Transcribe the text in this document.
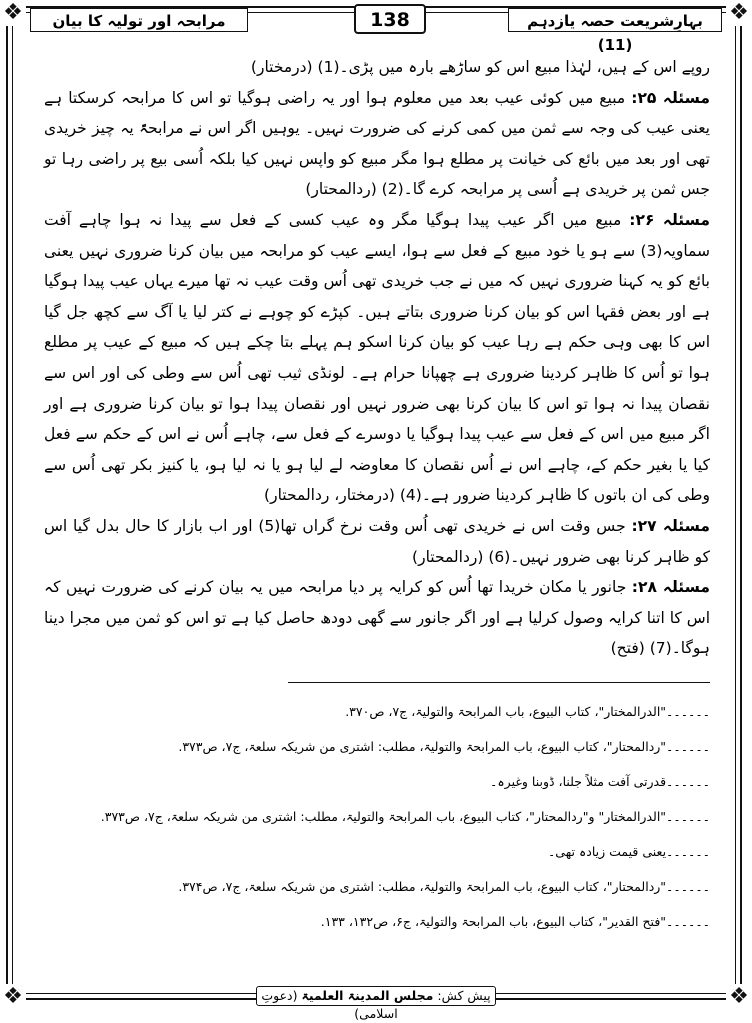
❖	❖
❖	❖
مرابحہ اور تولیہ کا بیان	138	بہارِشریعت حصہ یازدہم (11)

روپے اس کے ہیں، لہٰذا مبیع اس کو ساڑھے بارہ میں پڑی۔(1) (درمختار)

مسئلہ ۲۵: مبیع میں کوئی عیب بعد میں معلوم ہوا اور یہ راضی ہوگیا تو اس کا مرابحہ کرسکتا ہے یعنی عیب کی وجہ سے ثمن میں کمی کرنے کی ضرورت نہیں۔ یوہیں اگر اس نے مرابحۃً یہ چیز خریدی تھی اور بعد میں بائع کی خیانت پر مطلع ہوا مگر مبیع کو واپس نہیں کیا بلکہ اُسی بیع پر راضی رہا تو جس ثمن پر خریدی ہے اُسی پر مرابحہ کرے گا۔(2) (ردالمحتار)

مسئلہ ۲۶: مبیع میں اگر عیب پیدا ہوگیا مگر وہ عیب کسی کے فعل سے پیدا نہ ہوا چاہے آفت سماویہ(3) سے ہو یا خود مبیع کے فعل سے ہوا، ایسے عیب کو مرابحہ میں بیان کرنا ضروری نہیں یعنی بائع کو یہ کہنا ضروری نہیں کہ میں نے جب خریدی تھی اُس وقت عیب نہ تھا میرے یہاں عیب پیدا ہوگیا ہے اور بعض فقہا اس کو بیان کرنا ضروری بتاتے ہیں۔ کپڑے کو چوہے نے کتر لیا یا آگ سے کچھ جل گیا اس کا بھی وہی حکم ہے رہا عیب کو بیان کرنا اسکو ہم پہلے بتا چکے ہیں کہ مبیع کے عیب پر مطلع ہوا تو اُس کا ظاہر کردینا ضروری ہے چھپانا حرام ہے۔ لونڈی ثیب تھی اُس سے وطی کی اور اس سے نقصان پیدا نہ ہوا تو اس کا بیان کرنا بھی ضرور نہیں اور نقصان پیدا ہوا تو بیان کرنا ضروری ہے اور اگر مبیع میں اس کے فعل سے عیب پیدا ہوگیا یا دوسرے کے فعل سے، چاہے اُس نے اس کے حکم سے فعل کیا یا بغیر حکم کے، چاہے اس نے اُس نقصان کا معاوضہ لے لیا ہو یا نہ لیا ہو، یا کنیز بکر تھی اُس سے وطی کی ان باتوں کا ظاہر کردینا ضرور ہے۔(4) (درمختار، ردالمحتار)

مسئلہ ۲۷: جس وقت اس نے خریدی تھی اُس وقت نرخ گراں تھا(5) اور اب بازار کا حال بدل گیا اس کو ظاہر کرنا بھی ضرور نہیں۔(6) (ردالمحتار)

مسئلہ ۲۸: جانور یا مکان خریدا تھا اُس کو کرایہ پر دیا مرابحہ میں یہ بیان کرنے کی ضرورت نہیں کہ اس کا اتنا کرایہ وصول کرلیا ہے اور اگر جانور سے گھی دودھ حاصل کیا ہے تو اس کو ثمن میں مجرا دینا ہوگا۔(7) (فتح)

۔۔۔۔۔۔"الدرالمختار"، کتاب البیوع، باب المرابحۃ والتولیۃ، ج۷، ص۳۷۰.
۔۔۔۔۔۔"ردالمحتار"، کتاب البیوع، باب المرابحۃ والتولیۃ، مطلب: اشتری من شریکہ سلعۃ، ج۷، ص۳۷۳.
۔۔۔۔۔۔قدرتی آفت مثلاً جلنا، ڈوبنا وغیرہ۔
۔۔۔۔۔۔"الدرالمختار" و"ردالمحتار"، کتاب البیوع، باب المرابحۃ والتولیۃ، مطلب: اشتری من شریکہ سلعۃ، ج۷، ص۳۷۳.
۔۔۔۔۔۔یعنی قیمت زیادہ تھی۔
۔۔۔۔۔۔"ردالمحتار"، کتاب البیوع، باب المرابحۃ والتولیۃ، مطلب: اشتری من شریکہ سلعۃ، ج۷، ص۳۷۴.
۔۔۔۔۔۔"فتح القدیر"، کتاب البیوع، باب المرابحۃ والتولیۃ، ج۶، ص۱۳۲، ۱۳۳.
پیش کش: مجلس المدینۃ العلمیۃ (دعوتِ اسلامی)
